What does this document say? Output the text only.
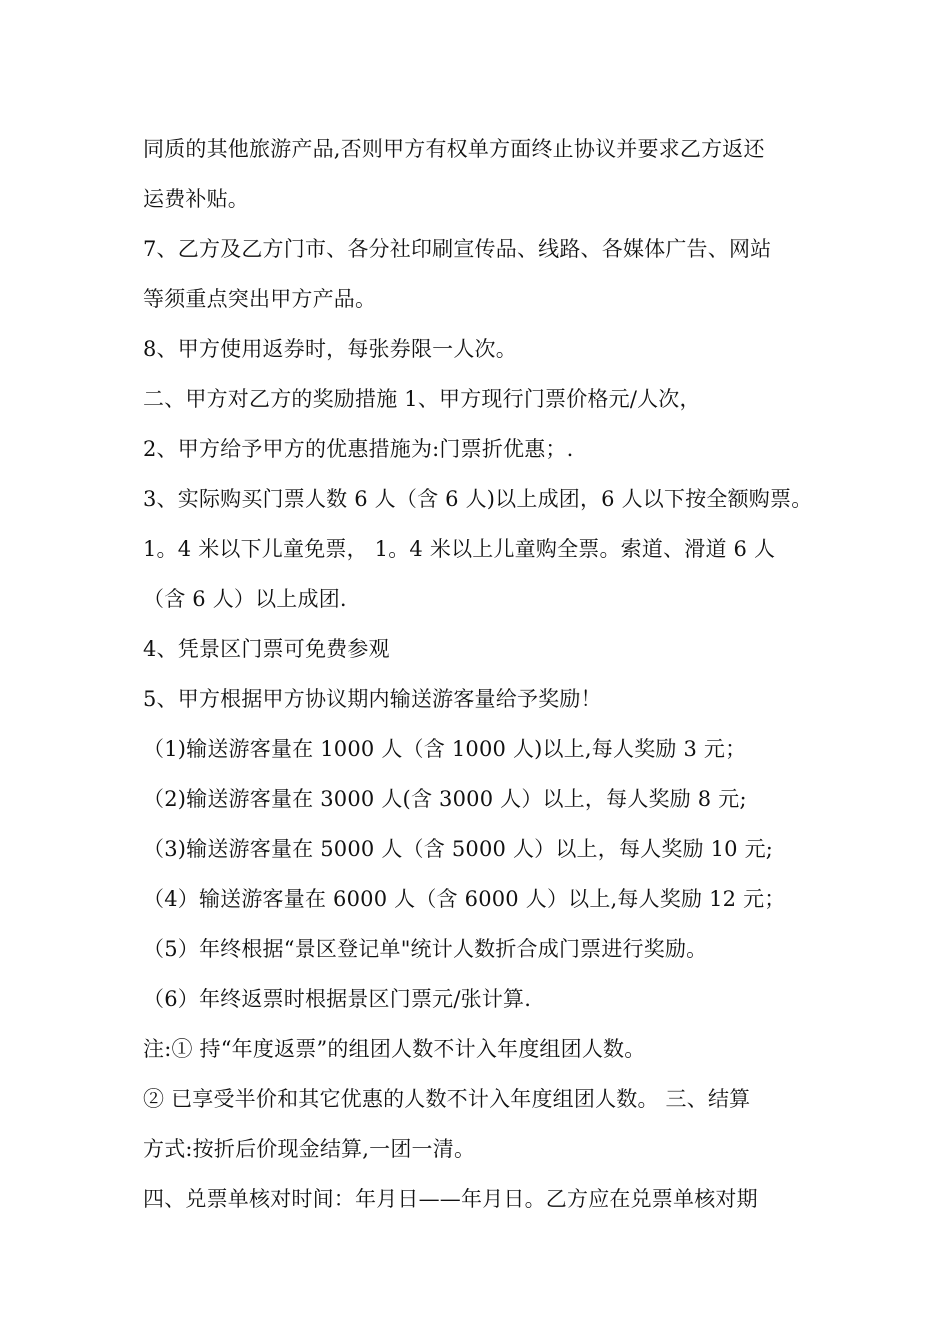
同质的其他旅游产品,否则甲方有权单方面终止协议并要求乙方返还
运费补贴。
7、乙方及乙方门市、各分社印刷宣传品、线路、各媒体广告、网站
等须重点突出甲方产品。
8、甲方使用返券时，每张券限一人次。
二、甲方对乙方的奖励措施 1、甲方现行门票价格元/人次，
2、甲方给予甲方的优惠措施为:门票折优惠；.
3、实际购买门票人数 6 人（含 6 人)以上成团，6 人以下按全额购票。
1。4 米以下儿童免票， 1。4 米以上儿童购全票。索道、滑道 6 人
（含 6 人）以上成团.
4、凭景区门票可免费参观
5、甲方根据甲方协议期内输送游客量给予奖励！
（1)输送游客量在 1000 人（含 1000 人)以上,每人奖励 3 元；
（2)输送游客量在 3000 人(含 3000 人）以上，每人奖励 8 元;
（3)输送游客量在 5000 人（含 5000 人）以上，每人奖励 10 元;
（4）输送游客量在 6000 人（含 6000 人）以上,每人奖励 12 元；
（5）年终根据“景区登记单"统计人数折合成门票进行奖励。
（6）年终返票时根据景区门票元/张计算.
注:① 持“年度返票”的组团人数不计入年度组团人数。
② 已享受半价和其它优惠的人数不计入年度组团人数。 三、结算
方式:按折后价现金结算,一团一清。
四、兑票单核对时间：年月日——年月日。乙方应在兑票单核对期
